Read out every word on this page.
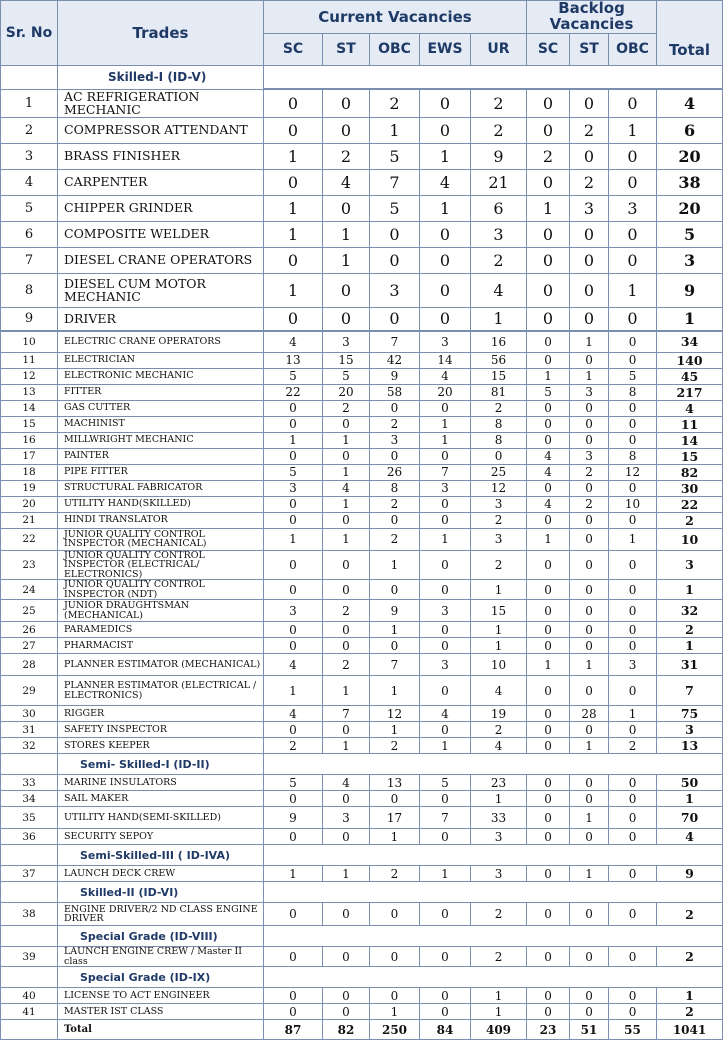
Sr. No	Trades	Current Vacancies					Backlog Vacancies			Total
		SC	ST	OBC	EWS	UR	SC	ST	OBC	
	Skilled-I (ID-V)									
1	AC REFRIGERATION MECHANIC	0	0	2	0	2	0	0	0	4
2	COMPRESSOR ATTENDANT	0	0	1	0	2	0	2	1	6
3	BRASS FINISHER	1	2	5	1	9	2	0	0	20
4	CARPENTER	0	4	7	4	21	0	2	0	38
5	CHIPPER GRINDER	1	0	5	1	6	1	3	3	20
6	COMPOSITE WELDER	1	1	0	0	3	0	0	0	5
7	DIESEL CRANE OPERATORS	0	1	0	0	2	0	0	0	3
8	DIESEL CUM MOTOR MECHANIC	1	0	3	0	4	0	0	1	9
9	DRIVER	0	0	0	0	1	0	0	0	1
10	ELECTRIC CRANE OPERATORS	4	3	7	3	16	0	1	0	34
11	ELECTRICIAN	13	15	42	14	56	0	0	0	140
12	ELECTRONIC MECHANIC	5	5	9	4	15	1	1	5	45
13	FITTER	22	20	58	20	81	5	3	8	217
14	GAS CUTTER	0	2	0	0	2	0	0	0	4
15	MACHINIST	0	0	2	1	8	0	0	0	11
16	MILLWRIGHT MECHANIC	1	1	3	1	8	0	0	0	14
17	PAINTER	0	0	0	0	0	4	3	8	15
18	PIPE FITTER	5	1	26	7	25	4	2	12	82
19	STRUCTURAL FABRICATOR	3	4	8	3	12	0	0	0	30
20	UTILITY HAND(SKILLED)	0	1	2	0	3	4	2	10	22
21	HINDI TRANSLATOR	0	0	0	0	2	0	0	0	2
22	JUNIOR QUALITY CONTROL INSPECTOR (MECHANICAL)	1	1	2	1	3	1	0	1	10
23	JUNIOR QUALITY CONTROL INSPECTOR (ELECTRICAL/ ELECTRONICS)	0	0	1	0	2	0	0	0	3
24	JUNIOR QUALITY CONTROL INSPECTOR (NDT)	0	0	0	0	1	0	0	0	1
25	JUNIOR DRAUGHTSMAN (MECHANICAL)	3	2	9	3	15	0	0	0	32
26	PARAMEDICS	0	0	1	0	1	0	0	0	2
27	PHARMACIST	0	0	0	0	1	0	0	0	1
28	PLANNER ESTIMATOR (MECHANICAL)	4	2	7	3	10	1	1	3	31
29	PLANNER ESTIMATOR (ELECTRICAL / ELECTRONICS)	1	1	1	0	4	0	0	0	7
30	RIGGER	4	7	12	4	19	0	28	1	75
31	SAFETY INSPECTOR	0	0	1	0	2	0	0	0	3
32	STORES KEEPER	2	1	2	1	4	0	1	2	13
	Semi- Skilled-I (ID-II)									
33	MARINE INSULATORS	5	4	13	5	23	0	0	0	50
34	SAIL MAKER	0	0	0	0	1	0	0	0	1
35	UTILITY HAND(SEMI-SKILLED)	9	3	17	7	33	0	1	0	70
36	SECURITY SEPOY	0	0	1	0	3	0	0	0	4
	Semi-Skilled-III ( ID-IVA)									
37	LAUNCH DECK CREW	1	1	2	1	3	0	1	0	9
	Skilled-II (ID-VI)									
38	ENGINE DRIVER/2 ND CLASS ENGINE DRIVER	0	0	0	0	2	0	0	0	2
	Special Grade (ID-VIII)									
39	LAUNCH ENGINE CREW / Master II class	0	0	0	0	2	0	0	0	2
	Special Grade (ID-IX)									
40	LICENSE TO ACT ENGINEER	0	0	0	0	1	0	0	0	1
41	MASTER IST CLASS	0	0	1	0	1	0	0	0	2
	Total	87	82	250	84	409	23	51	55	1041
